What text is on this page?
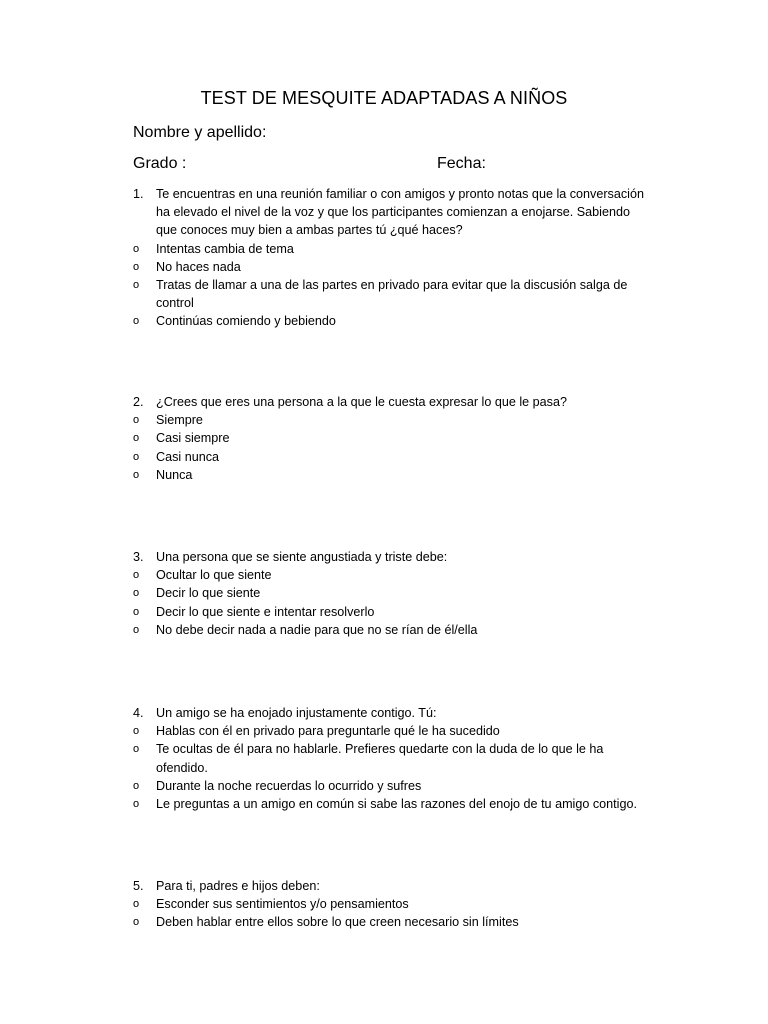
TEST DE MESQUITE ADAPTADAS A NIÑOS
Nombre y apellido:
Grado :	Fecha:
1. Te encuentras en una reunión familiar o con amigos y pronto notas que la conversación ha elevado el nivel de la voz y que los participantes comienzan a enojarse. Sabiendo que conoces muy bien a ambas partes tú ¿qué haces?
o Intentas cambia de tema
o No haces nada
o Tratas de llamar a una de las partes en privado para evitar que la discusión salga de control
o Continúas comiendo y bebiendo
2. ¿Crees que eres una persona a la que le cuesta expresar lo que le pasa?
o Siempre
o Casi siempre
o Casi nunca
o Nunca
3. Una persona que se siente angustiada y triste debe:
o Ocultar lo que siente
o Decir lo que siente
o Decir lo que siente e intentar resolverlo
o No debe decir nada a nadie para que no se rían de él/ella
4. Un amigo se ha enojado injustamente contigo. Tú:
o Hablas con él en privado para preguntarle qué le ha sucedido
o Te ocultas de él para no hablarle. Prefieres quedarte con la duda de lo que le ha ofendido.
o Durante la noche recuerdas lo ocurrido y sufres
o Le preguntas a un amigo en común si sabe las razones del enojo de tu amigo contigo.
5. Para ti, padres e hijos deben:
o Esconder sus sentimientos y/o pensamientos
o Deben hablar entre ellos sobre lo que creen necesario sin límites
